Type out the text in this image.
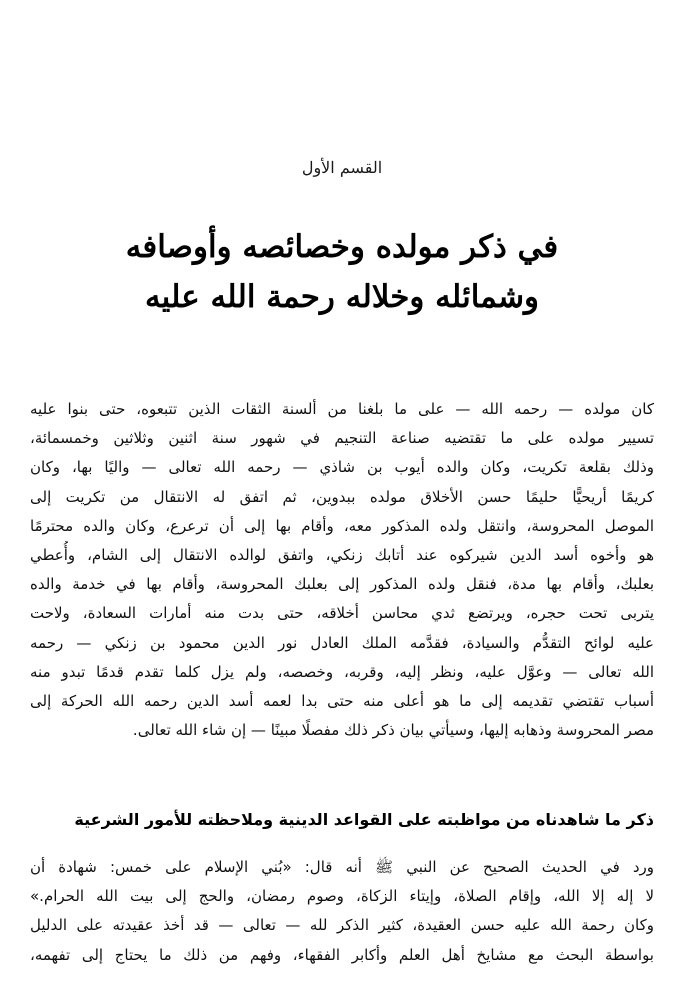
القسم الأول
في ذكر مولده وخصائصه وأوصافه
وشمائله وخلاله رحمة الله عليه
كان مولده — رحمه الله — على ما بلغنا من ألسنة الثقات الذين تتبعوه، حتى بنوا عليه
تسيير مولده على ما تقتضيه صناعة التنجيم في شهور سنة اثنين وثلاثين وخمسمائة،
وذلك بقلعة تكريت، وكان والده أيوب بن شاذي — رحمه الله تعالى — واليًا بها، وكان
كريمًا أريحيًّا حليمًا حسن الأخلاق مولده ببدوين، ثم اتفق له الانتقال من تكريت إلى
الموصل المحروسة، وانتقل ولده المذكور معه، وأقام بها إلى أن ترعرع، وكان والده محترمًا
هو وأخوه أسد الدين شيركوه عند أتابك زنكي، واتفق لوالده الانتقال إلى الشام، وأُعطي
بعلبك، وأقام بها مدة، فنقل ولده المذكور إلى بعلبك المحروسة، وأقام بها في خدمة والده
يتربى تحت حجره، ويرتضع ثدي محاسن أخلاقه، حتى بدت منه أمارات السعادة، ولاحت
عليه لوائح التقدُّم والسيادة، فقدَّمه الملك العادل نور الدين محمود بن زنكي — رحمه
الله تعالى — وعوَّل عليه، ونظر إليه، وقربه، وخصصه، ولم يزل كلما تقدم قدمًا تبدو منه
أسباب تقتضي تقديمه إلى ما هو أعلى منه حتى بدا لعمه أسد الدين رحمه الله الحركة إلى
مصر المحروسة وذهابه إليها، وسيأتي بيان ذكر ذلك مفصلًا مبينًا — إن شاء الله تعالى.
ذكر ما شاهدناه من مواظبته على القواعد الدينية وملاحظته للأمور الشرعية
ورد في الحديث الصحيح عن النبي ﷺ أنه قال: «بُني الإسلام على خمس: شهادة أن
لا إله إلا الله، وإقام الصلاة، وإيتاء الزكاة، وصوم رمضان، والحج إلى بيت الله الحرام.»
وكان رحمة الله عليه حسن العقيدة، كثير الذكر لله — تعالى — قد أخذ عقيدته على الدليل
بواسطة البحث مع مشايخ أهل العلم وأكابر الفقهاء، وفهم من ذلك ما يحتاج إلى تفهمه،
